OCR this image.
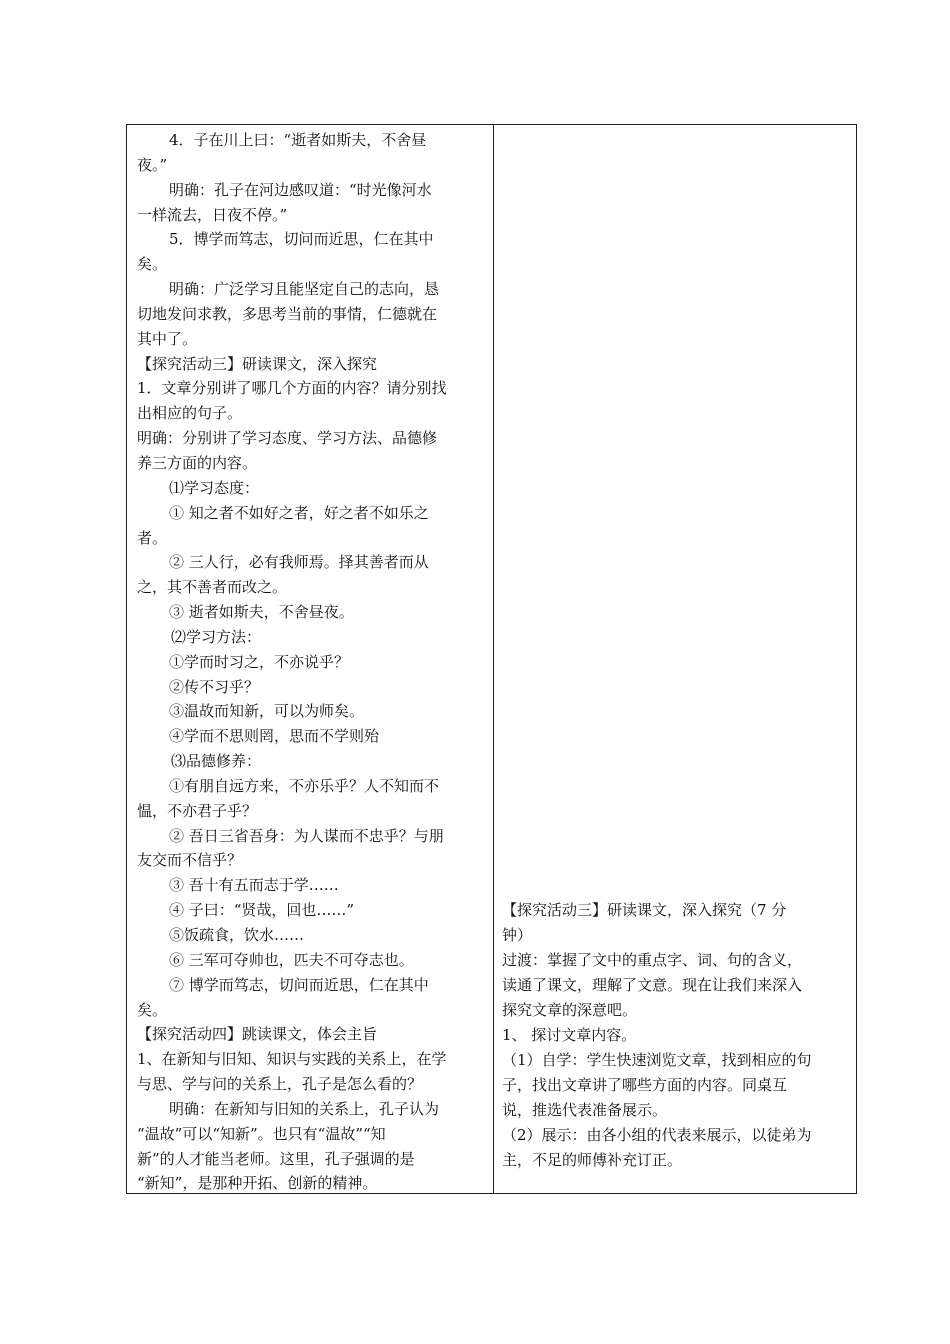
4．子在川上曰：“逝者如斯夫，不舍昼
夜。”
明确：孔子在河边感叹道：“时光像河水
一样流去，日夜不停。”
5．博学而笃志，切问而近思，仁在其中
矣。
明确：广泛学习且能坚定自己的志向，恳
切地发问求教，多思考当前的事情，仁德就在
其中了。
【探究活动三】研读课文，深入探究
1．文章分别讲了哪几个方面的内容？请分别找
出相应的句子。
明确：分别讲了学习态度、学习方法、品德修
养三方面的内容。
⑴学习态度：
① 知之者不如好之者，好之者不如乐之
者。
② 三人行，必有我师焉。择其善者而从
之，其不善者而改之。
③ 逝者如斯夫，不舍昼夜。
⑵学习方法：
①学而时习之，不亦说乎？
②传不习乎？
③温故而知新，可以为师矣。
④学而不思则罔，思而不学则殆
⑶品德修养：
①有朋自远方来，不亦乐乎？人不知而不
愠，不亦君子乎？
② 吾日三省吾身：为人谋而不忠乎？与朋
友交而不信乎？
③ 吾十有五而志于学……
④ 子曰：“贤哉，回也……”
⑤饭疏食，饮水……
⑥ 三军可夺帅也，匹夫不可夺志也。
⑦ 博学而笃志，切问而近思，仁在其中
矣。
【探究活动四】跳读课文，体会主旨
1、在新知与旧知、知识与实践的关系上，在学
与思、学与问的关系上，孔子是怎么看的？
明确：在新知与旧知的关系上，孔子认为
“温故”可以“知新”。也只有“温故”“知
新”的人才能当老师。这里，孔子强调的是
“新知”，是那种开拓、创新的精神。
【探究活动三】研读课文，深入探究（7 分
钟）
过渡：掌握了文中的重点字、词、句的含义，
读通了课文，理解了文意。现在让我们来深入
探究文章的深意吧。
1、 探讨文章内容。
（1）自学：学生快速浏览文章，找到相应的句
子，找出文章讲了哪些方面的内容。同桌互
说，推选代表准备展示。
（2）展示：由各小组的代表来展示，以徒弟为
主，不足的师傅补充订正。
